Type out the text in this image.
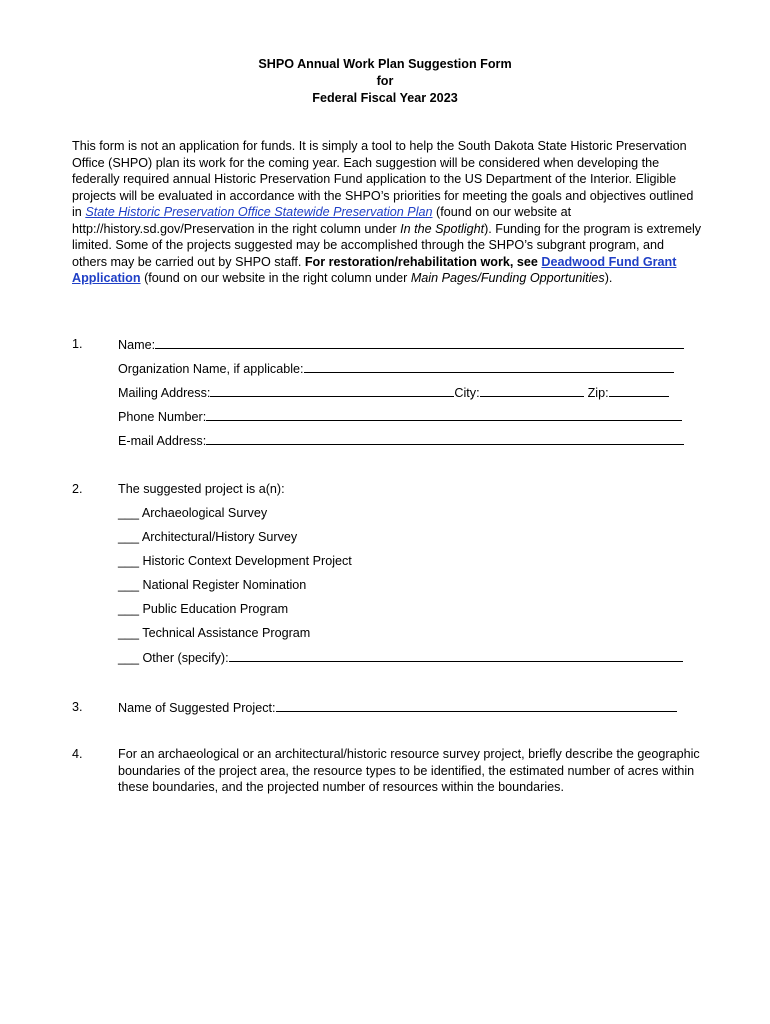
SHPO Annual Work Plan Suggestion Form
for
Federal Fiscal Year 2023

This form is not an application for funds. It is simply a tool to help the South Dakota State Historic Preservation Office (SHPO) plan its work for the coming year. Each suggestion will be considered when developing the federally required annual Historic Preservation Fund application to the US Department of the Interior. Eligible projects will be evaluated in accordance with the SHPO’s priorities for meeting the goals and objectives outlined in State Historic Preservation Office Statewide Preservation Plan (found on our website at http://history.sd.gov/Preservation in the right column under In the Spotlight). Funding for the program is extremely limited. Some of the projects suggested may be accomplished through the SHPO’s subgrant program, and others may be carried out by SHPO staff. For restoration/rehabilitation work, see Deadwood Fund Grant Application (found on our website in the right column under Main Pages/Funding Opportunities).

1.	Name:
Organization Name, if applicable:
Mailing Address:	City:	Zip:
Phone Number:
E-mail Address:
2.	The suggested project is a(n):
___ Archaeological Survey
___ Architectural/History Survey
___ Historic Context Development Project
___ National Register Nomination
___ Public Education Program
___ Technical Assistance Program
___ Other (specify):
3.	Name of Suggested Project:
4.	For an archaeological or an architectural/historic resource survey project, briefly describe the geographic boundaries of the project area, the resource types to be identified, the estimated number of acres within these boundaries, and the projected number of resources within the boundaries.
